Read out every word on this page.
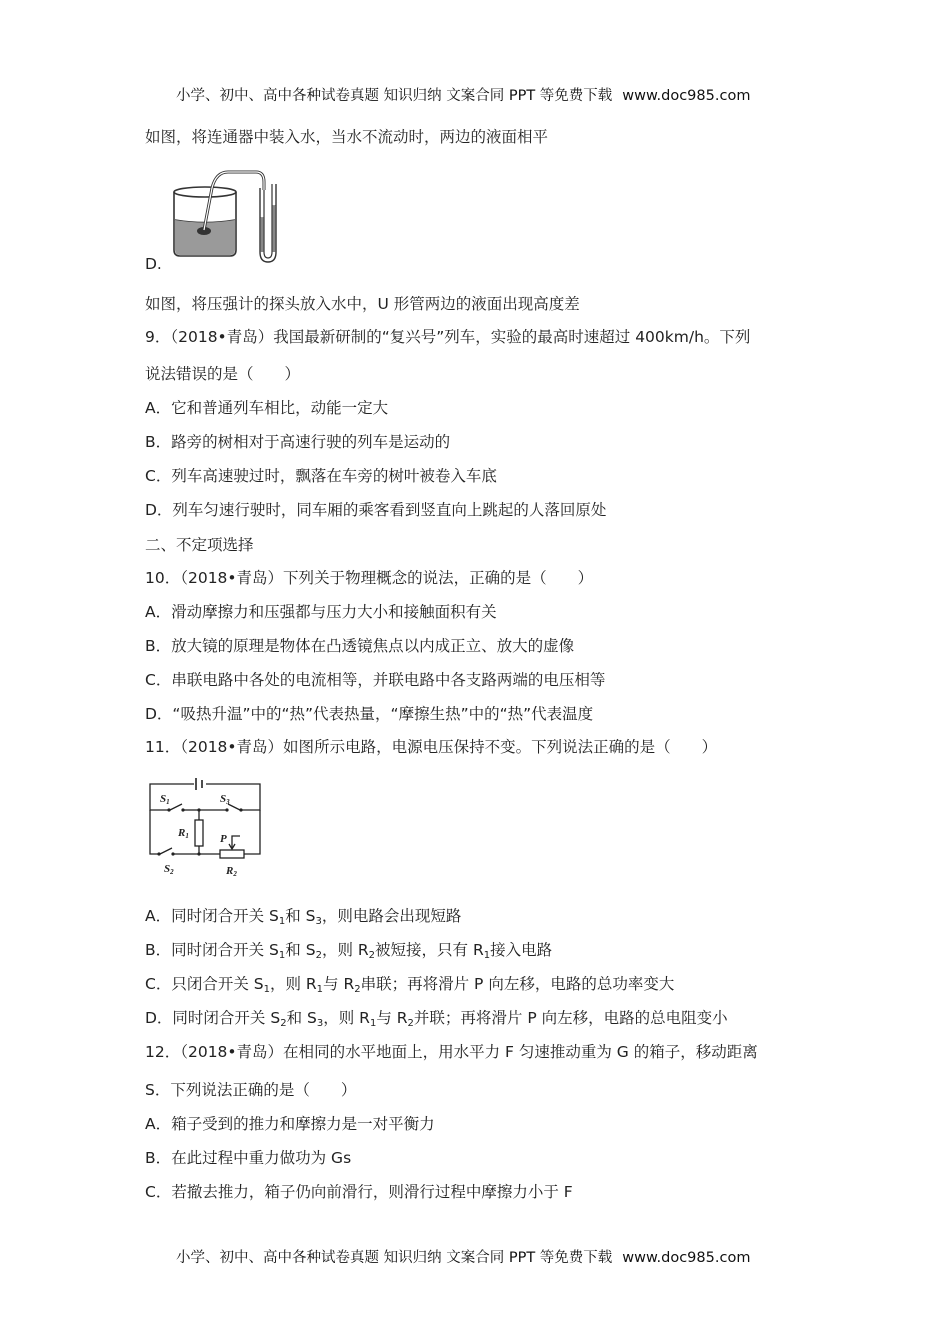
小学、初中、高中各种试卷真题 知识归纳 文案合同 PPT 等免费下载 www.doc985.com
如图，将连通器中装入水，当水不流动时，两边的液面相平
D.
如图，将压强计的探头放入水中，U 形管两边的液面出现高度差
9．（2018•青岛）我国最新研制的“复兴号”列车，实验的最高时速超过 400km/h。下列
说法错误的是（　　）
A．它和普通列车相比，动能一定大
B．路旁的树相对于高速行驶的列车是运动的
C．列车高速驶过时，飘落在车旁的树叶被卷入车底
D．列车匀速行驶时，同车厢的乘客看到竖直向上跳起的人落回原处
二、不定项选择
10．（2018•青岛）下列关于物理概念的说法，正确的是（　　）
A．滑动摩擦力和压强都与压力大小和接触面积有关
B．放大镜的原理是物体在凸透镜焦点以内成正立、放大的虚像
C．串联电路中各处的电流相等，并联电路中各支路两端的电压相等
D．“吸热升温”中的“热”代表热量，“摩擦生热”中的“热”代表温度
11．（2018•青岛）如图所示电路，电源电压保持不变。下列说法正确的是（　　）
S1	S3
R1	P
S2	R2
A．同时闭合开关 $S_1$和 $S_3$，则电路会出现短路
B．同时闭合开关 $S_1$和 $S_2$，则 $R_2$被短接，只有 $R_1$接入电路
C．只闭合开关 $S_1$，则 $R_1$与 $R_2$串联；再将滑片 P 向左移，电路的总功率变大
D．同时闭合开关 $S_2$和 $S_3$，则 $R_1$与 $R_2$并联；再将滑片 P 向左移，电路的总电阻变小
12．（2018•青岛）在相同的水平地面上，用水平力 F 匀速推动重为 G 的箱子，移动距离
S．下列说法正确的是（　　）
A．箱子受到的推力和摩擦力是一对平衡力
B．在此过程中重力做功为 Gs
C．若撤去推力，箱子仍向前滑行，则滑行过程中摩擦力小于 F
小学、初中、高中各种试卷真题 知识归纳 文案合同 PPT 等免费下载 www.doc985.com
